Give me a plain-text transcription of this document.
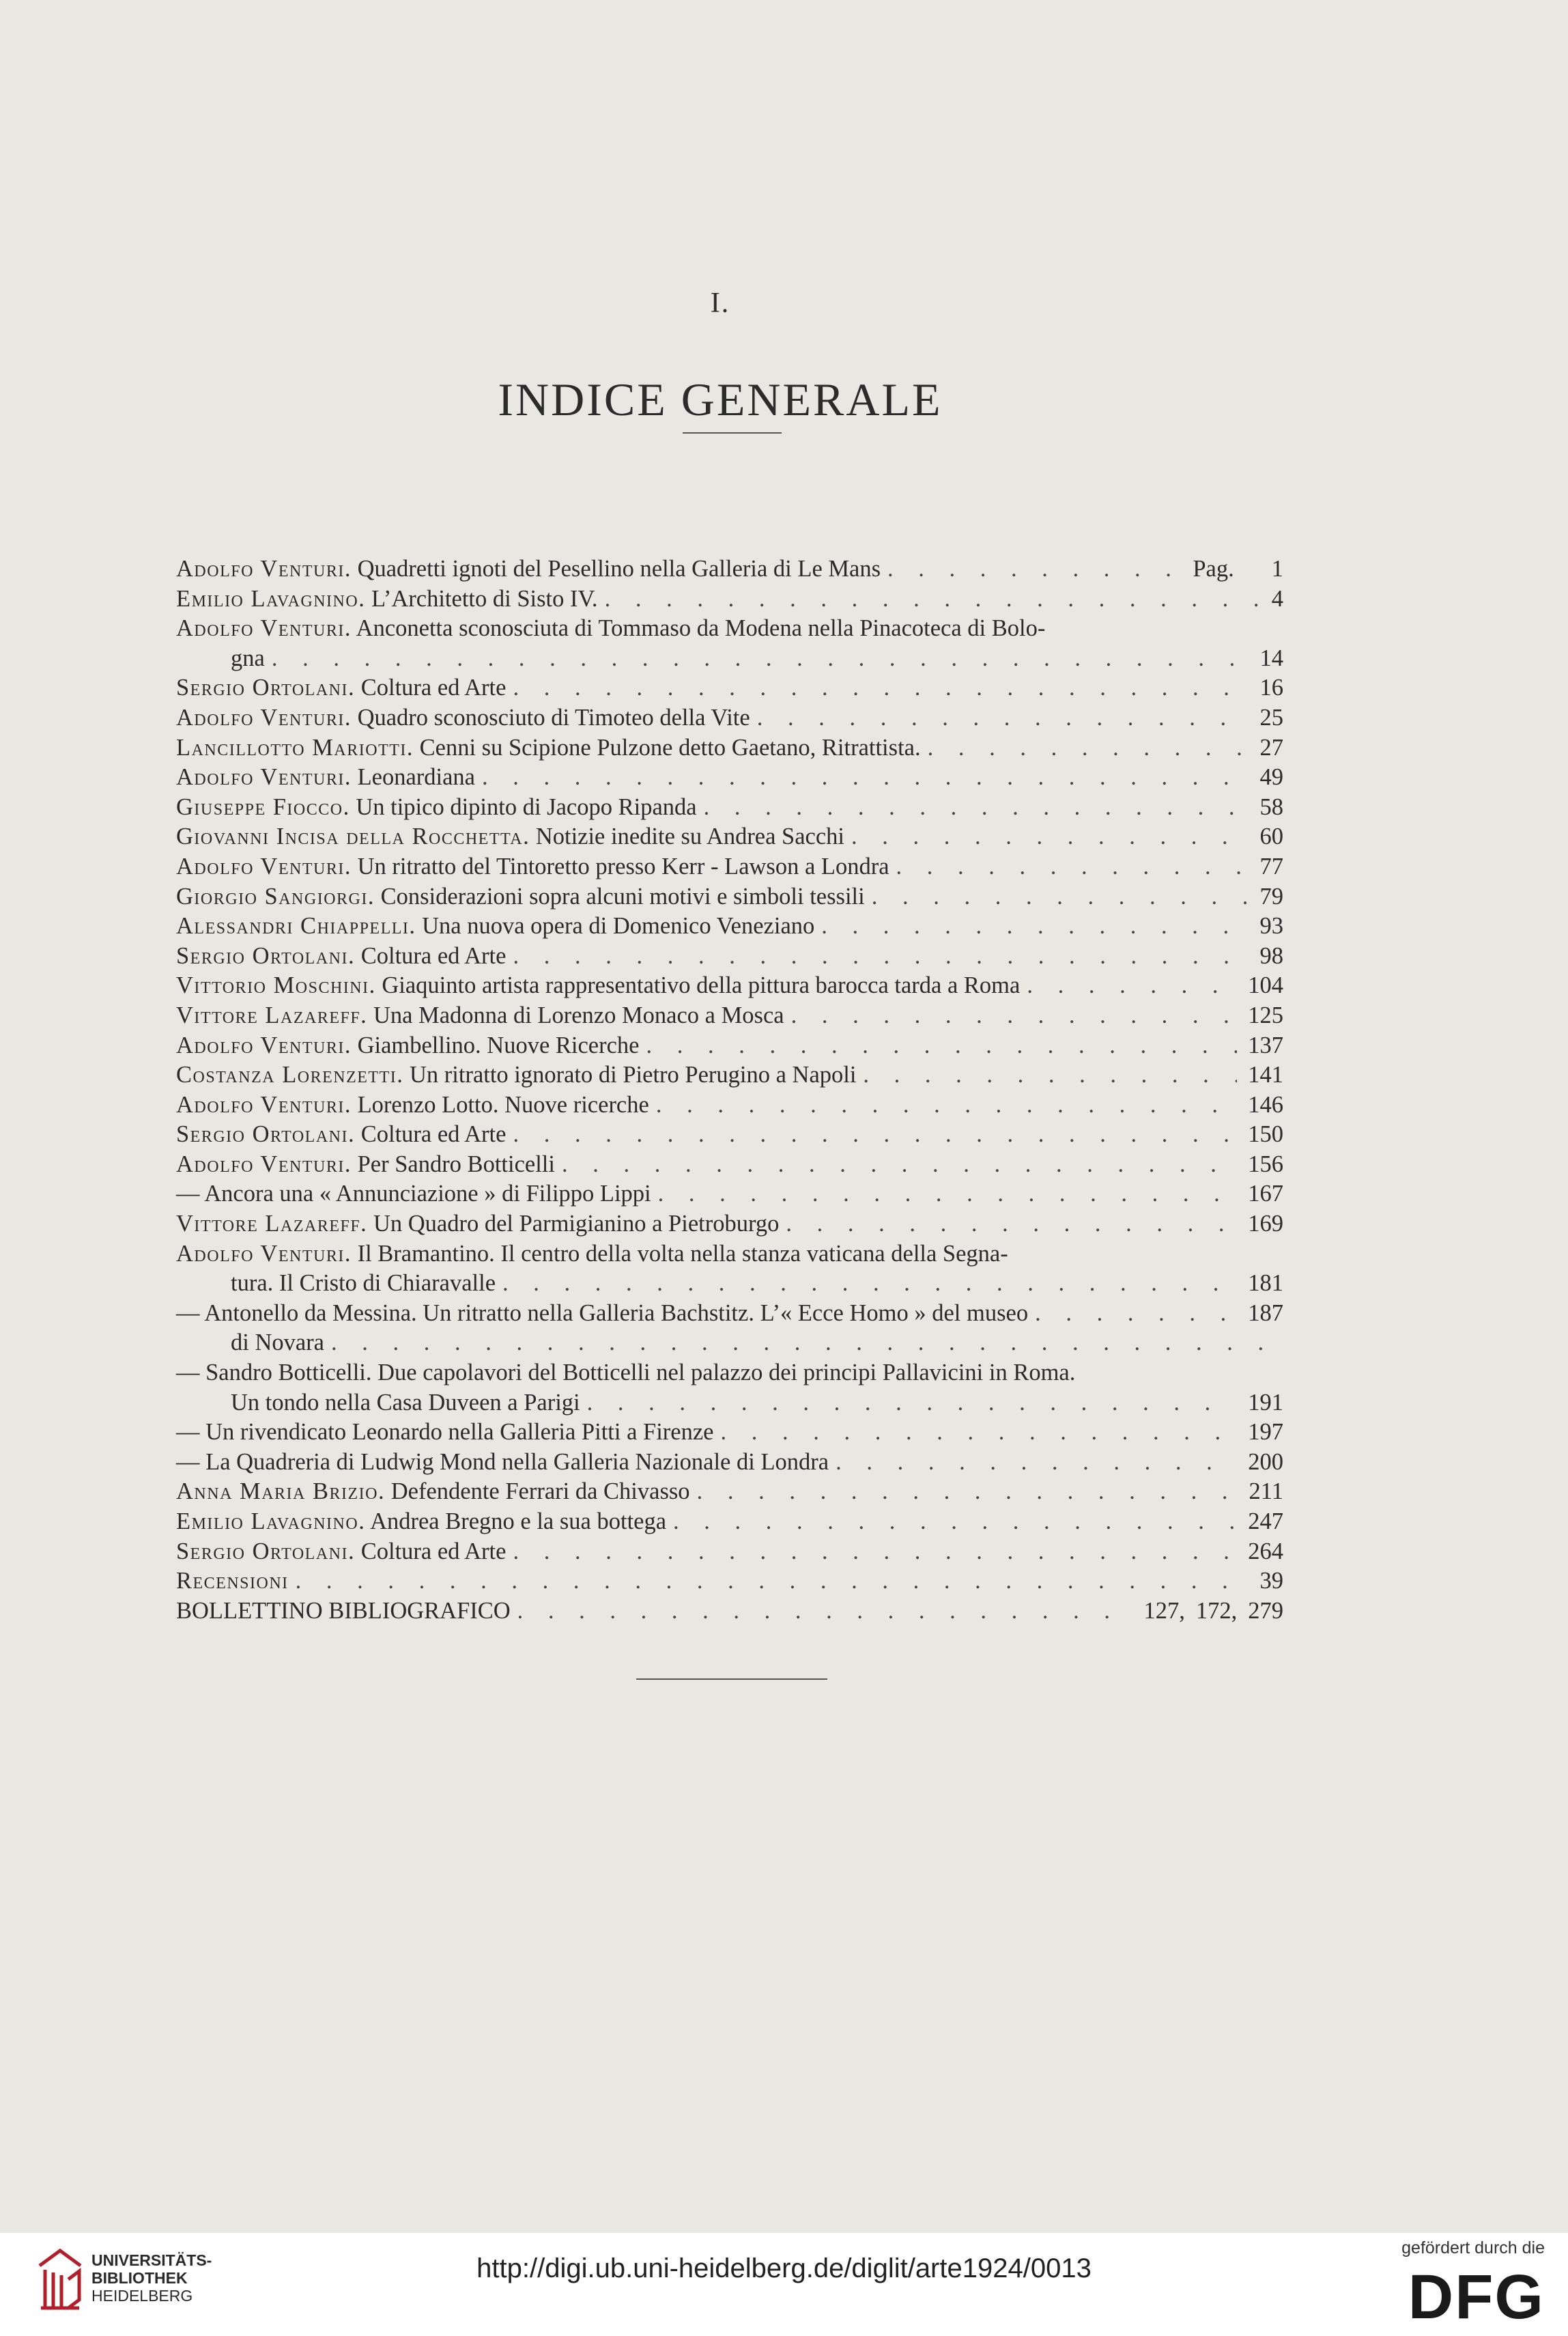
I.
INDICE GENERALE
Adolfo Venturi. Quadretti ignoti del Pesellino nella Galleria di Le Mans . . .	Pag. 1
Emilio Lavagnino. L’Architetto di Sisto IV. . . .	4
Adolfo Venturi. Anconetta sconosciuta di Tommaso da Modena nella Pinacoteca di Bolo-
gna . . .	14
Sergio Ortolani. Coltura ed Arte . . .	16
Adolfo Venturi. Quadro sconosciuto di Timoteo della Vite . . .	25
Lancillotto Mariotti. Cenni su Scipione Pulzone detto Gaetano, Ritrattista. . . .	27
Adolfo Venturi. Leonardiana . . .	49
Giuseppe Fiocco. Un tipico dipinto di Jacopo Ripanda . . .	58
Giovanni Incisa della Rocchetta. Notizie inedite su Andrea Sacchi . . .	60
Adolfo Venturi. Un ritratto del Tintoretto presso Kerr - Lawson a Londra . . .	77
Giorgio Sangiorgi. Considerazioni sopra alcuni motivi e simboli tessili . . .	79
Alessandri Chiappelli. Una nuova opera di Domenico Veneziano . . .	93
Sergio Ortolani. Coltura ed Arte . . .	98
Vittorio Moschini. Giaquinto artista rappresentativo della pittura barocca tarda a Roma . . .	104
Vittore Lazareff. Una Madonna di Lorenzo Monaco a Mosca . . .	125
Adolfo Venturi. Giambellino. Nuove Ricerche . . .	137
Costanza Lorenzetti. Un ritratto ignorato di Pietro Perugino a Napoli . . .	141
Adolfo Venturi. Lorenzo Lotto. Nuove ricerche . . .	146
Sergio Ortolani. Coltura ed Arte . . .	150
Adolfo Venturi. Per Sandro Botticelli . . .	156
— Ancora una « Annunciazione » di Filippo Lippi . . .	167
Vittore Lazareff. Un Quadro del Parmigianino a Pietroburgo . . .	169
Adolfo Venturi. Il Bramantino. Il centro della volta nella stanza vaticana della Segna-
tura. Il Cristo di Chiaravalle . . .	181
— Antonello da Messina. Un ritratto nella Galleria Bachstitz. L’« Ecce Homo » del museo . . .	187
di Novara
. . .
— Sandro Botticelli. Due capolavori del Botticelli nel palazzo dei principi Pallavicini in Roma.
Un tondo nella Casa Duveen a Parigi . . .	191
— Un rivendicato Leonardo nella Galleria Pitti a Firenze . . .	197
— La Quadreria di Ludwig Mond nella Galleria Nazionale di Londra . . .	200
Anna Maria Brizio. Defendente Ferrari da Chivasso . . .	211
Emilio Lavagnino. Andrea Bregno e la sua bottega . . .	247
Sergio Ortolani. Coltura ed Arte . . .	264
Recensioni . . .	39
BOLLETTINO BIBLIOGRAFICO . . .	127, 172, 279
UNIVERSITÄTS-
BIBLIOTHEK
HEIDELBERG
http://digi.ub.uni-heidelberg.de/diglit/arte1924/0013
gefördert durch die
DFG
